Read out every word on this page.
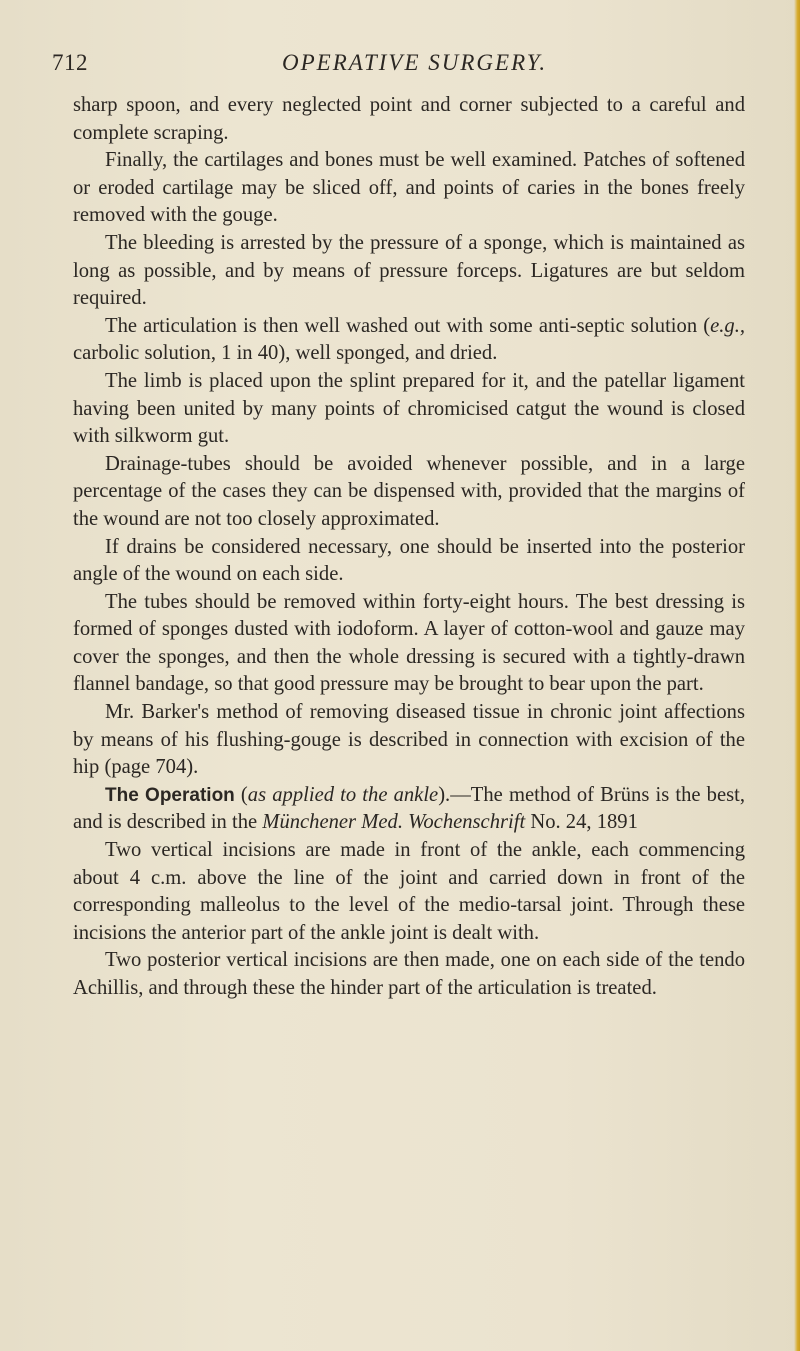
712	OPERATIVE SURGERY.

sharp spoon, and every neglected point and corner subjected to a careful and complete scraping.

Finally, the cartilages and bones must be well examined. Patches of softened or eroded cartilage may be sliced off, and points of caries in the bones freely removed with the gouge.

The bleeding is arrested by the pressure of a sponge, which is maintained as long as possible, and by means of pressure forceps. Ligatures are but seldom required.

The articulation is then well washed out with some anti-septic solution (e.g., carbolic solution, 1 in 40), well sponged, and dried.

The limb is placed upon the splint prepared for it, and the patellar ligament having been united by many points of chromicised catgut the wound is closed with silkworm gut.

Drainage-tubes should be avoided whenever possible, and in a large percentage of the cases they can be dispensed with, provided that the margins of the wound are not too closely approximated.

If drains be considered necessary, one should be inserted into the posterior angle of the wound on each side.

The tubes should be removed within forty-eight hours. The best dressing is formed of sponges dusted with iodoform. A layer of cotton-wool and gauze may cover the sponges, and then the whole dressing is secured with a tightly-drawn flannel bandage, so that good pressure may be brought to bear upon the part.

Mr. Barker's method of removing diseased tissue in chronic joint affections by means of his flushing-gouge is described in connection with excision of the hip (page 704).

The Operation (as applied to the ankle).—The method of Brüns is the best, and is described in the Münchener Med. Wochenschrift No. 24, 1891

Two vertical incisions are made in front of the ankle, each commencing about 4 c.m. above the line of the joint and carried down in front of the corresponding malleolus to the level of the medio-tarsal joint. Through these incisions the anterior part of the ankle joint is dealt with.

Two posterior vertical incisions are then made, one on each side of the tendo Achillis, and through these the hinder part of the articulation is treated.
